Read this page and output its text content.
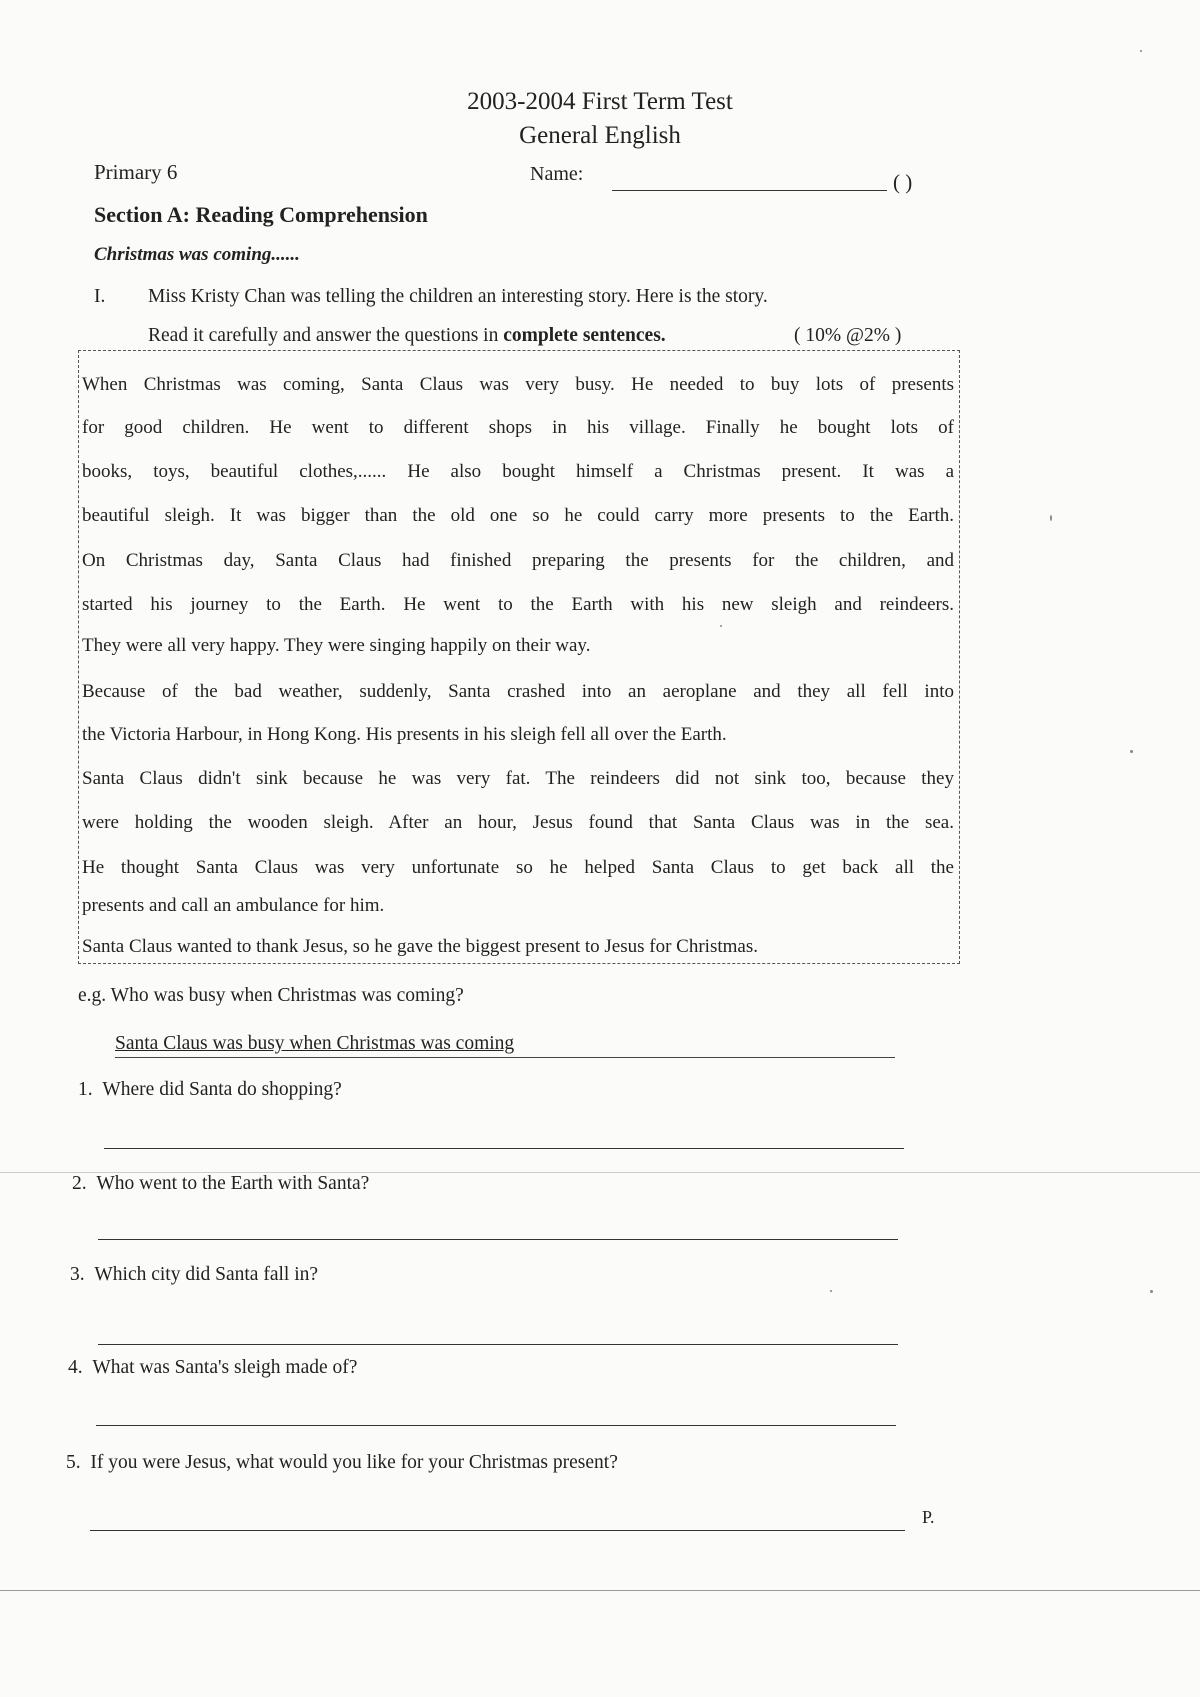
2003-2004 First Term Test
General English
Primary 6	Name:	( )
Section A: Reading Comprehension
Christmas was coming......
I. Miss Kristy Chan was telling the children an interesting story. Here is the story.
Read it carefully and answer the questions in complete sentences.	( 10% @2% )
When Christmas was coming, Santa Claus was very busy. He needed to buy lots of presents
for good children. He went to different shops in his village. Finally he bought lots of
books, toys, beautiful clothes,...... He also bought himself a Christmas present. It was a
beautiful sleigh. It was bigger than the old one so he could carry more presents to the Earth.
On Christmas day, Santa Claus had finished preparing the presents for the children, and
started his journey to the Earth. He went to the Earth with his new sleigh and reindeers.
They were all very happy. They were singing happily on their way.
Because of the bad weather, suddenly, Santa crashed into an aeroplane and they all fell into
the Victoria Harbour, in Hong Kong. His presents in his sleigh fell all over the Earth.
Santa Claus didn't sink because he was very fat. The reindeers did not sink too, because they
were holding the wooden sleigh. After an hour, Jesus found that Santa Claus was in the sea.
He thought Santa Claus was very unfortunate so he helped Santa Claus to get back all the
presents and call an ambulance for him.
Santa Claus wanted to thank Jesus, so he gave the biggest present to Jesus for Christmas.
e.g. Who was busy when Christmas was coming?
Santa Claus was busy when Christmas was coming
1. Where did Santa do shopping?
2. Who went to the Earth with Santa?
3. Which city did Santa fall in?
4. What was Santa's sleigh made of?
5. If you were Jesus, what would you like for your Christmas present?
P.
